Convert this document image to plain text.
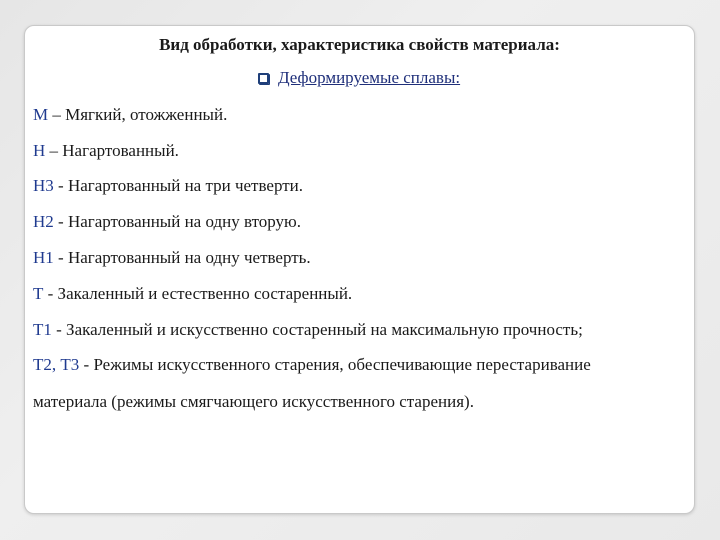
Вид обработки, характеристика свойств материала:
Деформируемые сплавы:
М – Мягкий, отожженный.
Н – Нагартованный.
Н3 - Нагартованный на три четверти.
Н2 - Нагартованный на одну вторую.
Н1 - Нагартованный на одну четверть.
Т - Закаленный и естественно состаренный.
Т1 - Закаленный и искусственно состаренный на максимальную прочность;
Т2, Т3 - Режимы искусственного старения, обеспечивающие перестаривание
материала (режимы смягчающего искусственного старения).
